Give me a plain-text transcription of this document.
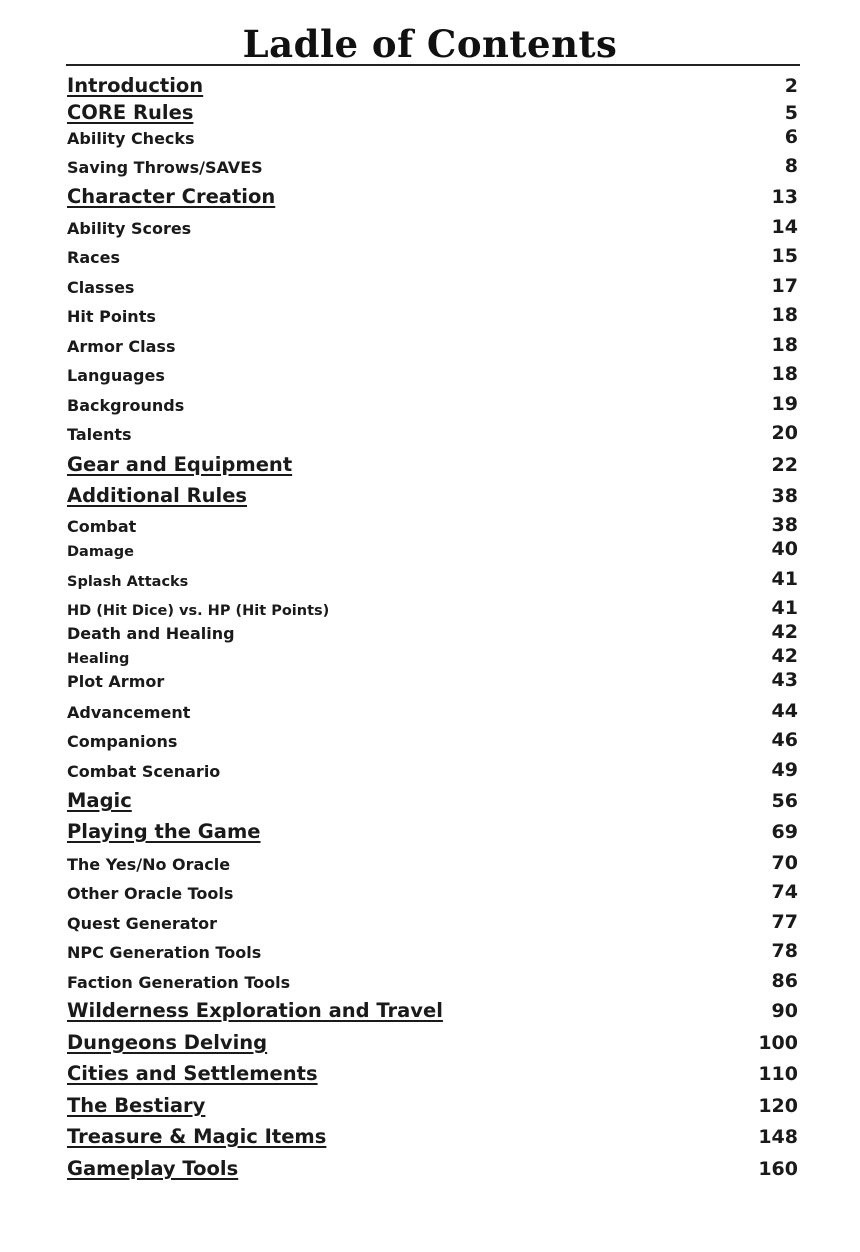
Ladle of Contents
Introduction	2
CORE Rules	5
Ability Checks	6
Saving Throws/SAVES	8
Character Creation	13
Ability Scores	14
Races	15
Classes	17
Hit Points	18
Armor Class	18
Languages	18
Backgrounds	19
Talents	20
Gear and Equipment	22
Additional Rules	38
Combat	38
Damage	40
Splash Attacks	41
HD (Hit Dice) vs. HP (Hit Points)	41
Death and Healing	42
Healing	42
Plot Armor	43
Advancement	44
Companions	46
Combat Scenario	49
Magic	56
Playing the Game	69
The Yes/No Oracle	70
Other Oracle Tools	74
Quest Generator	77
NPC Generation Tools	78
Faction Generation Tools	86
Wilderness Exploration and Travel	90
Dungeons Delving	100
Cities and Settlements	110
The Bestiary	120
Treasure & Magic Items	148
Gameplay Tools	160
